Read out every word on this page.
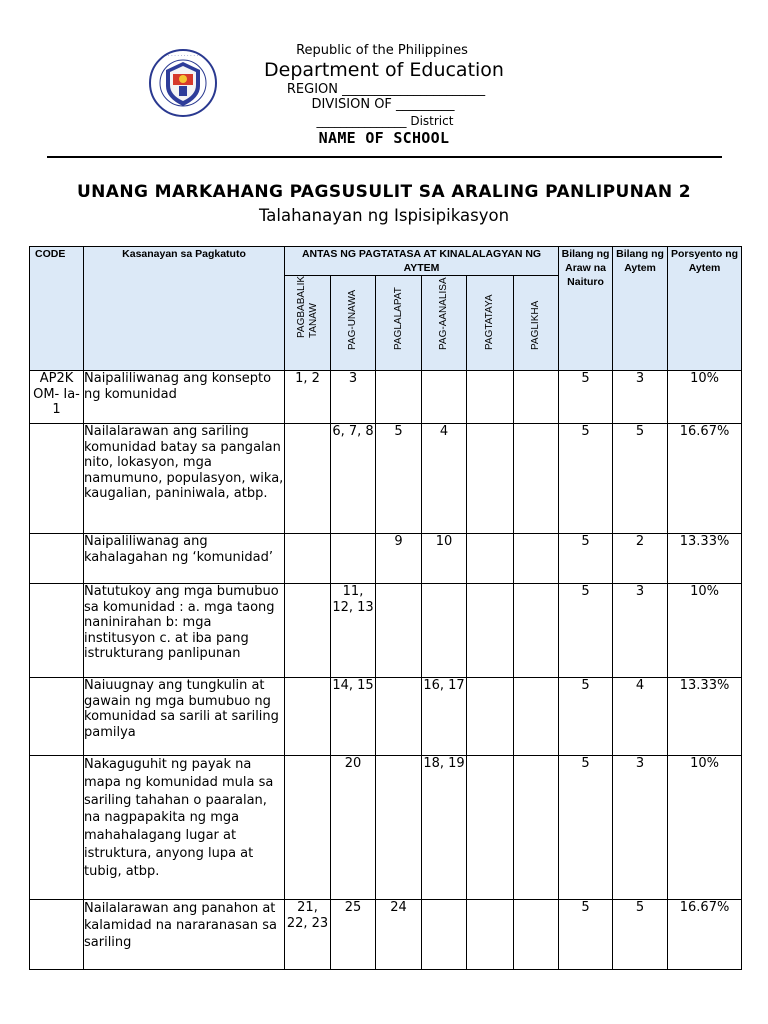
· · · · · · · · · ·	Republic of the Philippines
Department of Education
REGION ______________________
DIVISION OF _________
_______________ District
NAME OF SCHOOL
UNANG MARKAHANG PAGSUSULIT SA ARALING PANLIPUNAN 2
Talahanayan ng Ispisipikasyon
CODE	Kasanayan sa Pagkatuto	ANTAS NG PAGTATASA AT KINALALAGYAN NG AYTEM						Bilang ng Araw na Naituro	Bilang ng Aytem	Porsyento ng Aytem

		PAGBABALIK TANAW	PAG-UNAWA	PAGLALAPAT	PAG-AANALISA	PAGTATAYA	PAGLIKHA			

AP2K OM- Ia- 1	Naipaliliwanag ang konsepto ng komunidad	1, 2	3					5	3	10%
	Nailalarawan ang sariling komunidad batay sa pangalan nito, lokasyon, mga namumuno, populasyon, wika, kaugalian, paniniwala, atbp.		6, 7, 8	5	4			5	5	16.67%
	Naipaliliwanag ang kahalagahan ng ‘komunidad’			9	10			5	2	13.33%
	Natutukoy ang mga bumubuo sa komunidad : a. mga taong naninirahan b: mga institusyon c. at iba pang istrukturang panlipunan		11, 12, 13					5	3	10%
	Naiuugnay ang tungkulin at gawain ng mga bumubuo ng komunidad sa sarili at sariling pamilya		14, 15		16, 17			5	4	13.33%
	Nakaguguhit ng payak na mapa ng komunidad mula sa sariling tahahan o paaralan, na nagpapakita ng mga mahahalagang lugar at istruktura, anyong lupa at tubig, atbp.		20		18, 19			5	3	10%
	Nailalarawan ang panahon at kalamidad na nararanasan sa sariling	21, 22, 23	25	24				5	5	16.67%
